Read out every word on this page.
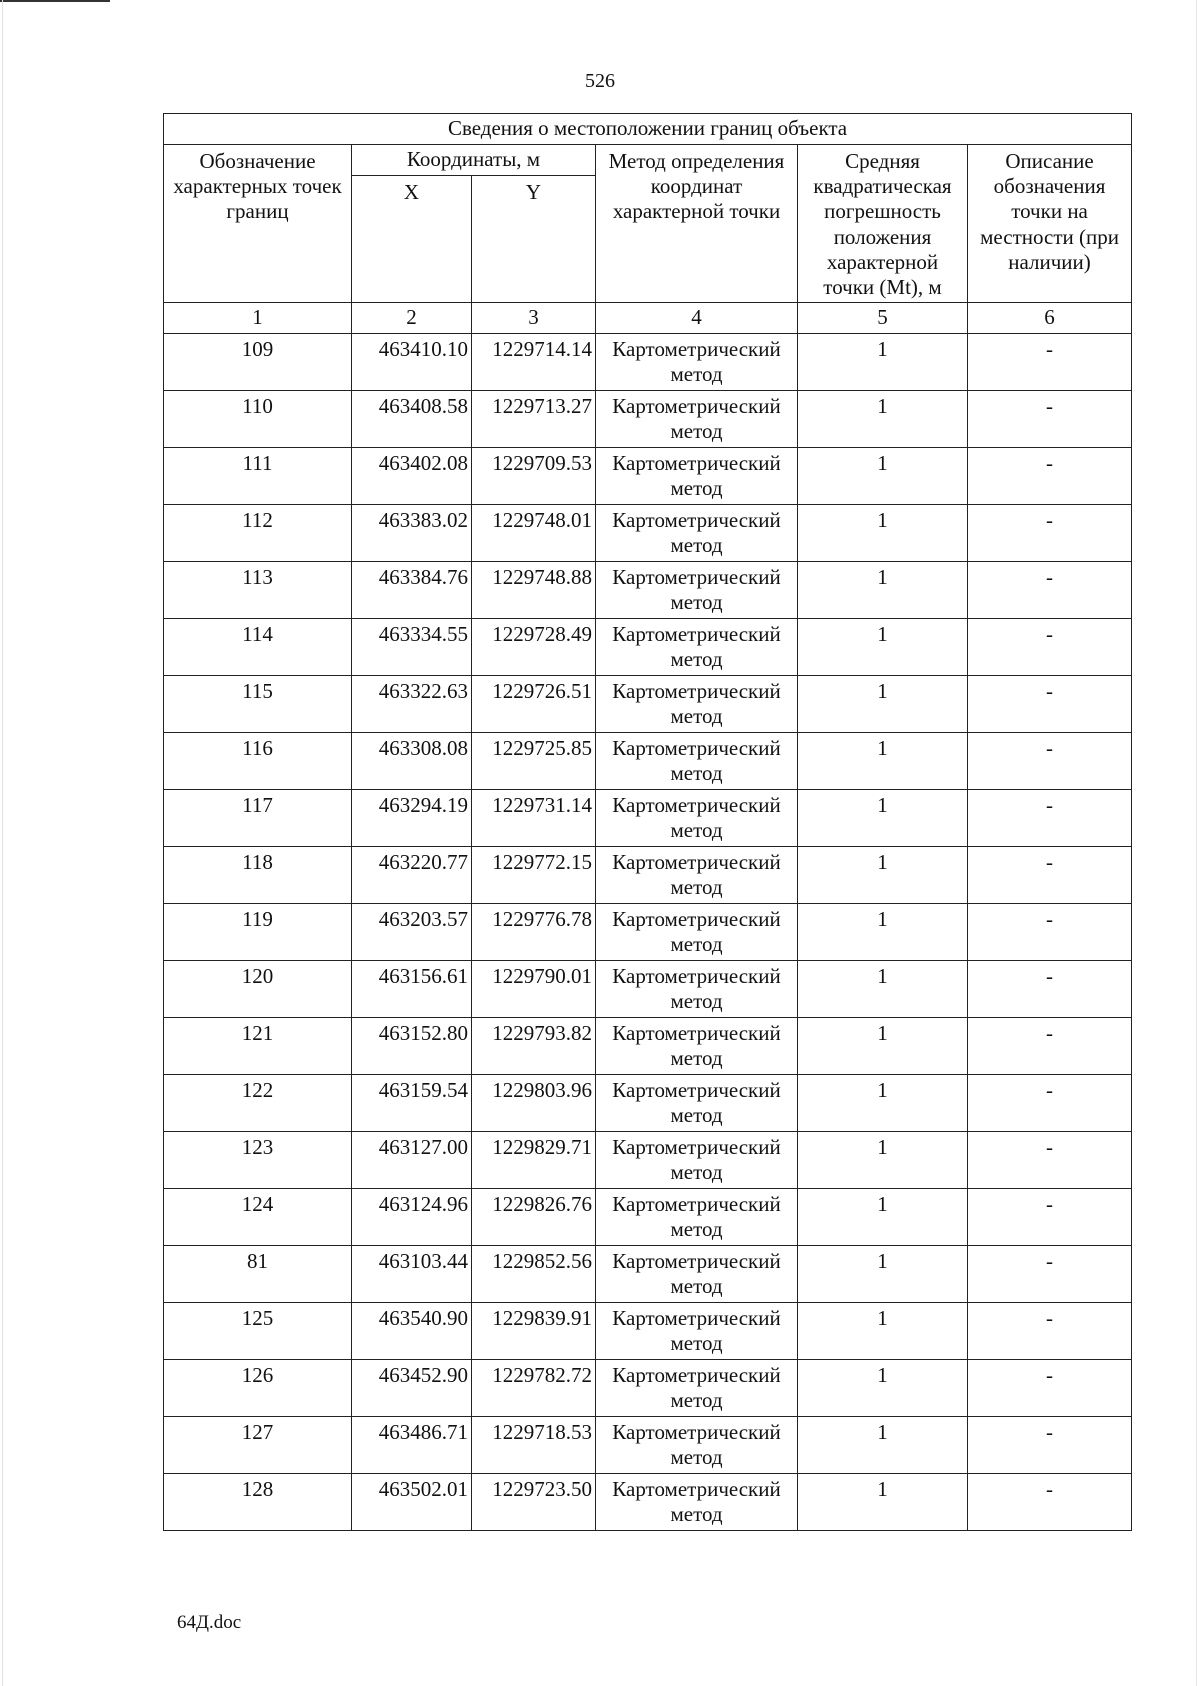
526
Сведения о местоположении границ объекта					
Обозначение характерных точек границ	Координаты, м		Метод определения координат характерной точки	Средняя квадратическая погрешность положения характерной точки (Mt), м	Описание обозначения точки на местности (при наличии)
	X	Y			
1	2	3	4	5	6
109	463410.10	1229714.14	Картометрический метод	1	-
110	463408.58	1229713.27	Картометрический метод	1	-
111	463402.08	1229709.53	Картометрический метод	1	-
112	463383.02	1229748.01	Картометрический метод	1	-
113	463384.76	1229748.88	Картометрический метод	1	-
114	463334.55	1229728.49	Картометрический метод	1	-
115	463322.63	1229726.51	Картометрический метод	1	-
116	463308.08	1229725.85	Картометрический метод	1	-
117	463294.19	1229731.14	Картометрический метод	1	-
118	463220.77	1229772.15	Картометрический метод	1	-
119	463203.57	1229776.78	Картометрический метод	1	-
120	463156.61	1229790.01	Картометрический метод	1	-
121	463152.80	1229793.82	Картометрический метод	1	-
122	463159.54	1229803.96	Картометрический метод	1	-
123	463127.00	1229829.71	Картометрический метод	1	-
124	463124.96	1229826.76	Картометрический метод	1	-
81	463103.44	1229852.56	Картометрический метод	1	-
125	463540.90	1229839.91	Картометрический метод	1	-
126	463452.90	1229782.72	Картометрический метод	1	-
127	463486.71	1229718.53	Картометрический метод	1	-
128	463502.01	1229723.50	Картометрический метод	1	-
64Д.doc
